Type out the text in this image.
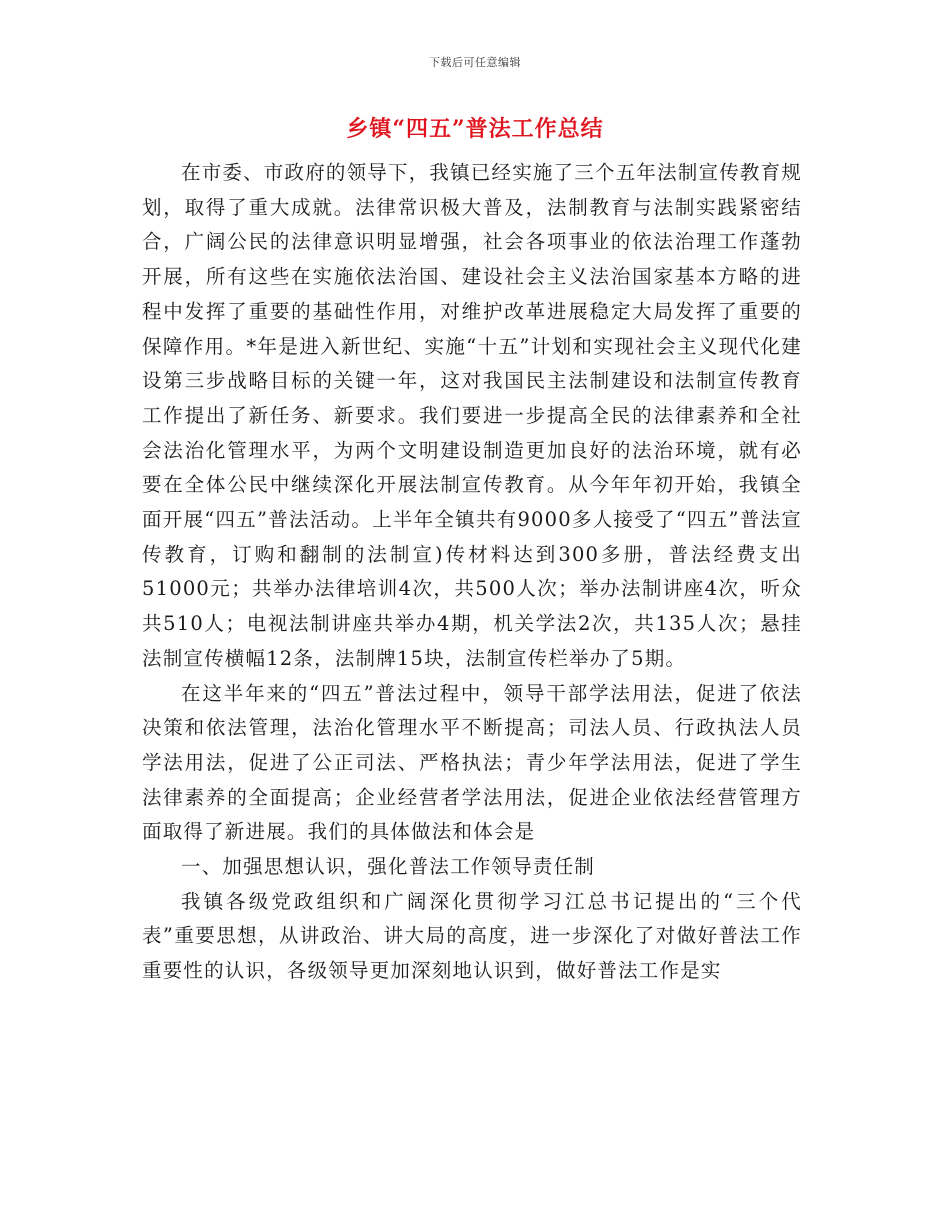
下载后可任意编辑
乡镇“四五”普法工作总结

在市委、市政府的领导下，我镇已经实施了三个五年法制宣传教育规划，取得了重大成就。法律常识极大普及，法制教育与法制实践紧密结合，广阔公民的法律意识明显增强，社会各项事业的依法治理工作蓬勃开展，所有这些在实施依法治国、建设社会主义法治国家基本方略的进程中发挥了重要的基础性作用，对维护改革进展稳定大局发挥了重要的保障作用。*年是进入新世纪、实施“十五”计划和实现社会主义现代化建设第三步战略目标的关键一年，这对我国民主法制建设和法制宣传教育工作提出了新任务、新要求。我们要进一步提高全民的法律素养和全社会法治化管理水平，为两个文明建设制造更加良好的法治环境，就有必要在全体公民中继续深化开展法制宣传教育。从今年年初开始，我镇全面开展“四五”普法活动。上半年全镇共有9000多人接受了“四五”普法宣传教育，订购和翻制的法制宣)传材料达到300多册，普法经费支出51000元；共举办法律培训4次，共500人次；举办法制讲座4次，听众共510人；电视法制讲座共举办4期，机关学法2次，共135人次；悬挂法制宣传横幅12条，法制牌15块，法制宣传栏举办了5期。

在这半年来的“四五”普法过程中，领导干部学法用法，促进了依法决策和依法管理，法治化管理水平不断提高；司法人员、行政执法人员学法用法，促进了公正司法、严格执法；青少年学法用法，促进了学生法律素养的全面提高；企业经营者学法用法，促进企业依法经营管理方面取得了新进展。我们的具体做法和体会是

一、加强思想认识，强化普法工作领导责任制

我镇各级党政组织和广阔深化贯彻学习江总书记提出的“三个代表”重要思想，从讲政治、讲大局的高度，进一步深化了对做好普法工作重要性的认识，各级领导更加深刻地认识到，做好普法工作是实
